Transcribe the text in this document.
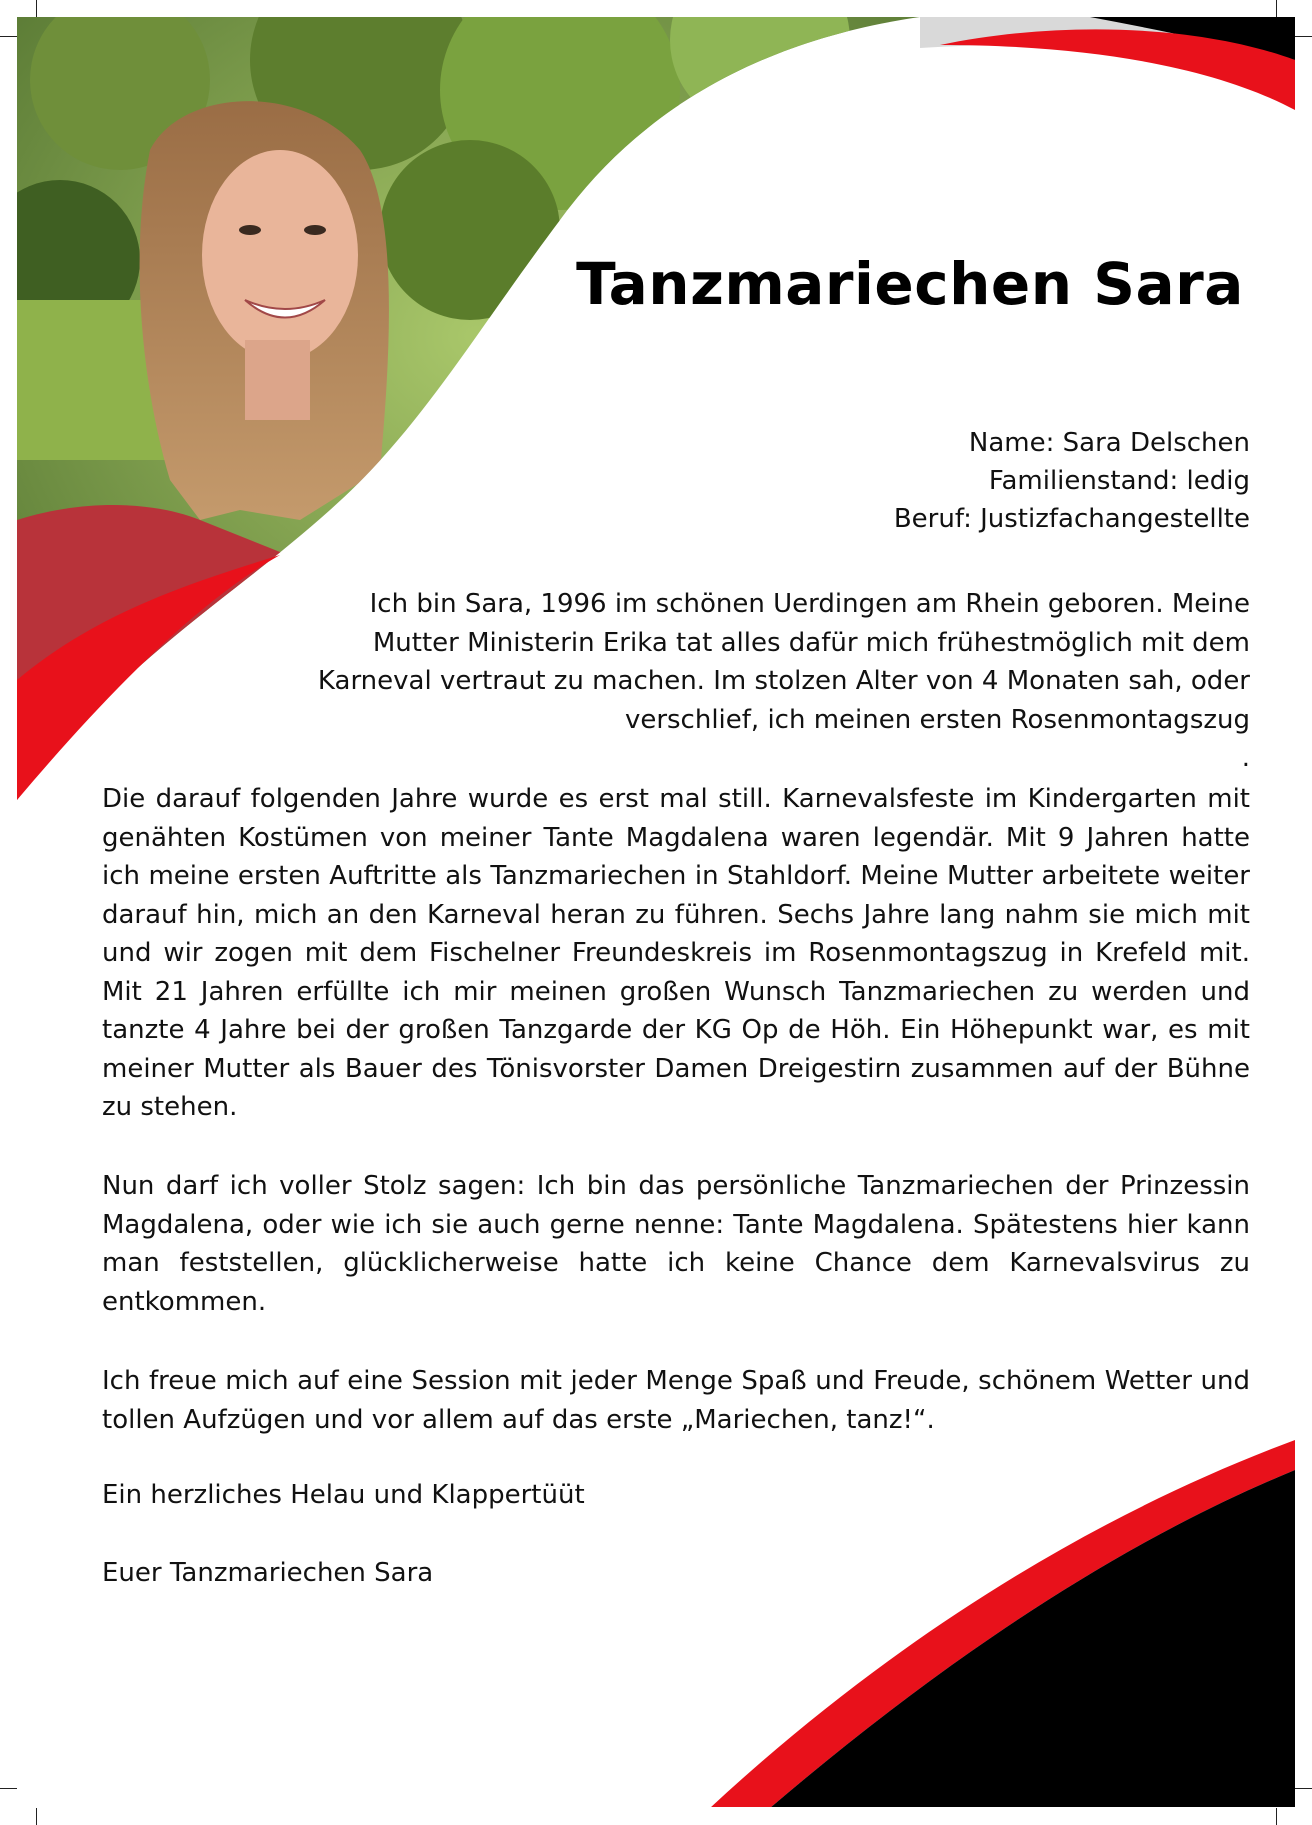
Tanzmariechen Sara
Name: Sara Delschen
Familienstand: ledig
Beruf: Justizfachangestellte
Ich bin Sara, 1996 im schönen Uerdingen am Rhein geboren. Meine
Mutter Ministerin Erika tat alles dafür mich frühestmöglich mit dem
Karneval vertraut zu machen. Im stolzen Alter von 4 Monaten sah, oder
verschlief, ich meinen ersten Rosenmontagszug
.
Die darauf folgenden Jahre wurde es erst mal still. Karnevalsfeste im Kindergarten mit genähten Kostümen von meiner Tante Magdalena waren legendär. Mit 9 Jahren hatte ich meine ersten Auftritte als Tanzmariechen in Stahldorf. Meine Mutter arbeitete weiter darauf hin, mich an den Karneval heran zu führen. Sechs Jahre lang nahm sie mich mit und wir zogen mit dem Fischelner Freundeskreis im Rosenmontagszug in Krefeld mit. Mit 21 Jahren erfüllte ich mir meinen großen Wunsch Tanzmariechen zu werden und tanzte 4 Jahre bei der großen Tanzgarde der KG Op de Höh. Ein Höhepunkt war, es mit meiner Mutter als Bauer des Tönisvorster Damen Dreigestirn zusammen auf der Bühne zu stehen.
Nun darf ich voller Stolz sagen: Ich bin das persönliche Tanzmariechen der Prinzessin Magdalena, oder wie ich sie auch gerne nenne: Tante Magdalena. Spätestens hier kann man feststellen, glücklicherweise hatte ich keine Chance dem Karnevalsvirus zu entkommen.
Ich freue mich auf eine Session mit jeder Menge Spaß und Freude, schönem Wetter und tollen Aufzügen und vor allem auf das erste „Mariechen, tanz!“.
Ein herzliches Helau und Klappertüüt
Euer Tanzmariechen Sara
